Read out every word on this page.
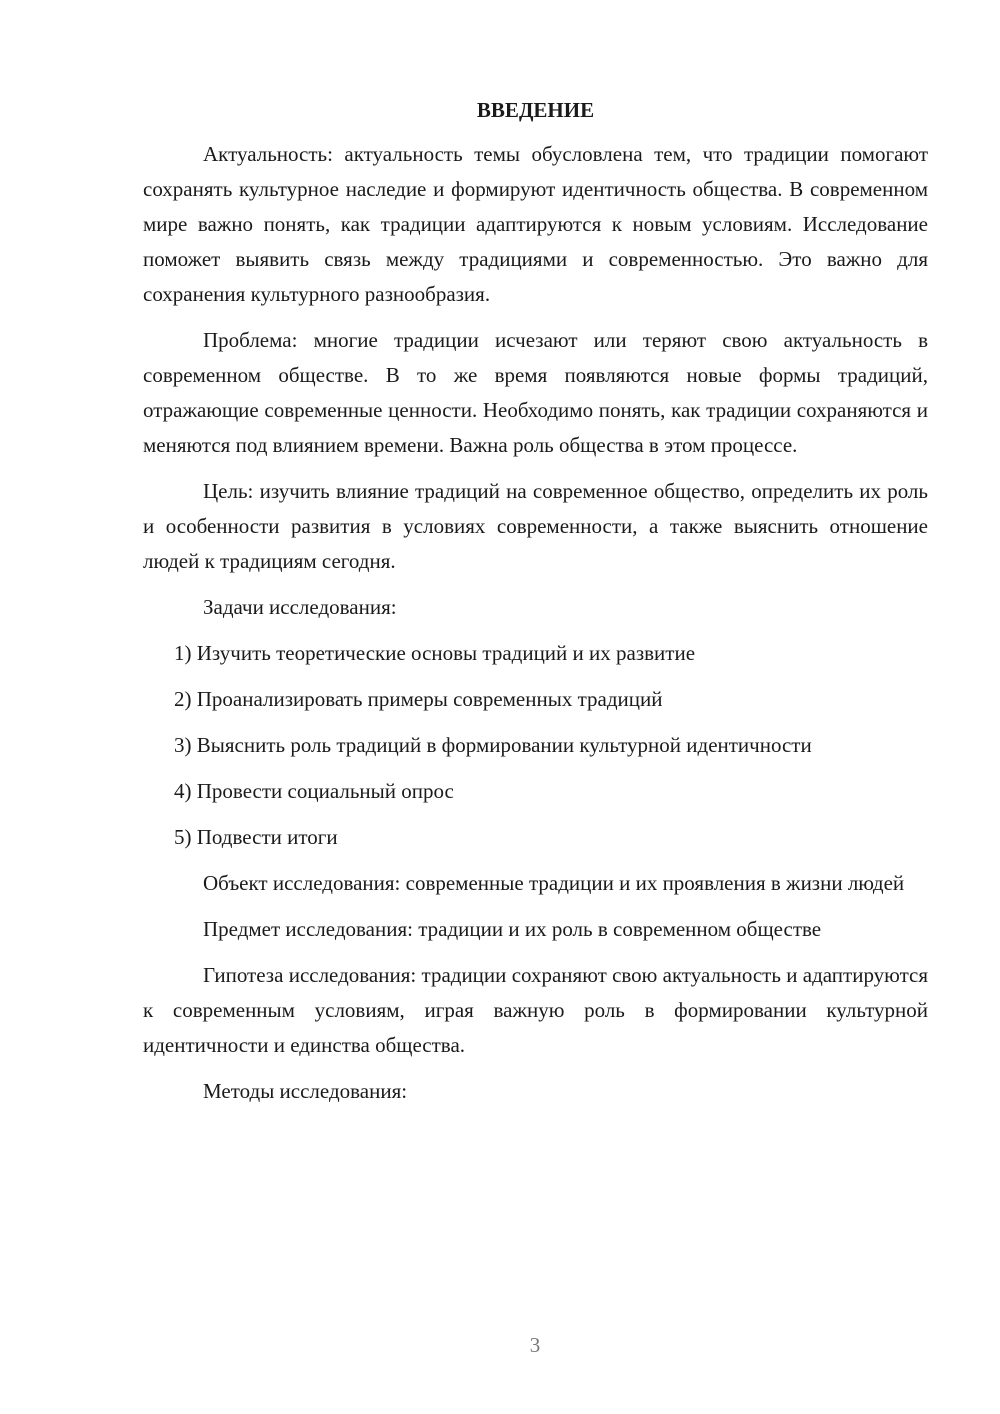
ВВЕДЕНИЕ

Актуальность: актуальность темы обусловлена тем, что традиции помогают сохранять культурное наследие и формируют идентичность общества. В современном мире важно понять, как традиции адаптируются к новым условиям. Исследование поможет выявить связь между традициями и современностью. Это важно для сохранения культурного разнообразия.

Проблема: многие традиции исчезают или теряют свою актуальность в современном обществе. В то же время появляются новые формы традиций, отражающие современные ценности. Необходимо понять, как традиции сохраняются и меняются под влиянием времени. Важна роль общества в этом процессе.

Цель: изучить влияние традиций на современное общество, определить их роль и особенности развития в условиях современности, а также выяснить отношение людей к традициям сегодня.

Задачи исследования:

1) Изучить теоретические основы традиций и их развитие

2) Проанализировать примеры современных традиций

3) Выяснить роль традиций в формировании культурной идентичности

4) Провести социальный опрос

5) Подвести итоги

Объект исследования: современные традиции и их проявления в жизни людей

Предмет исследования: традиции и их роль в современном обществе

Гипотеза исследования: традиции сохраняют свою актуальность и адаптируются к современным условиям, играя важную роль в формировании культурной идентичности и единства общества.

Методы исследования:

3
